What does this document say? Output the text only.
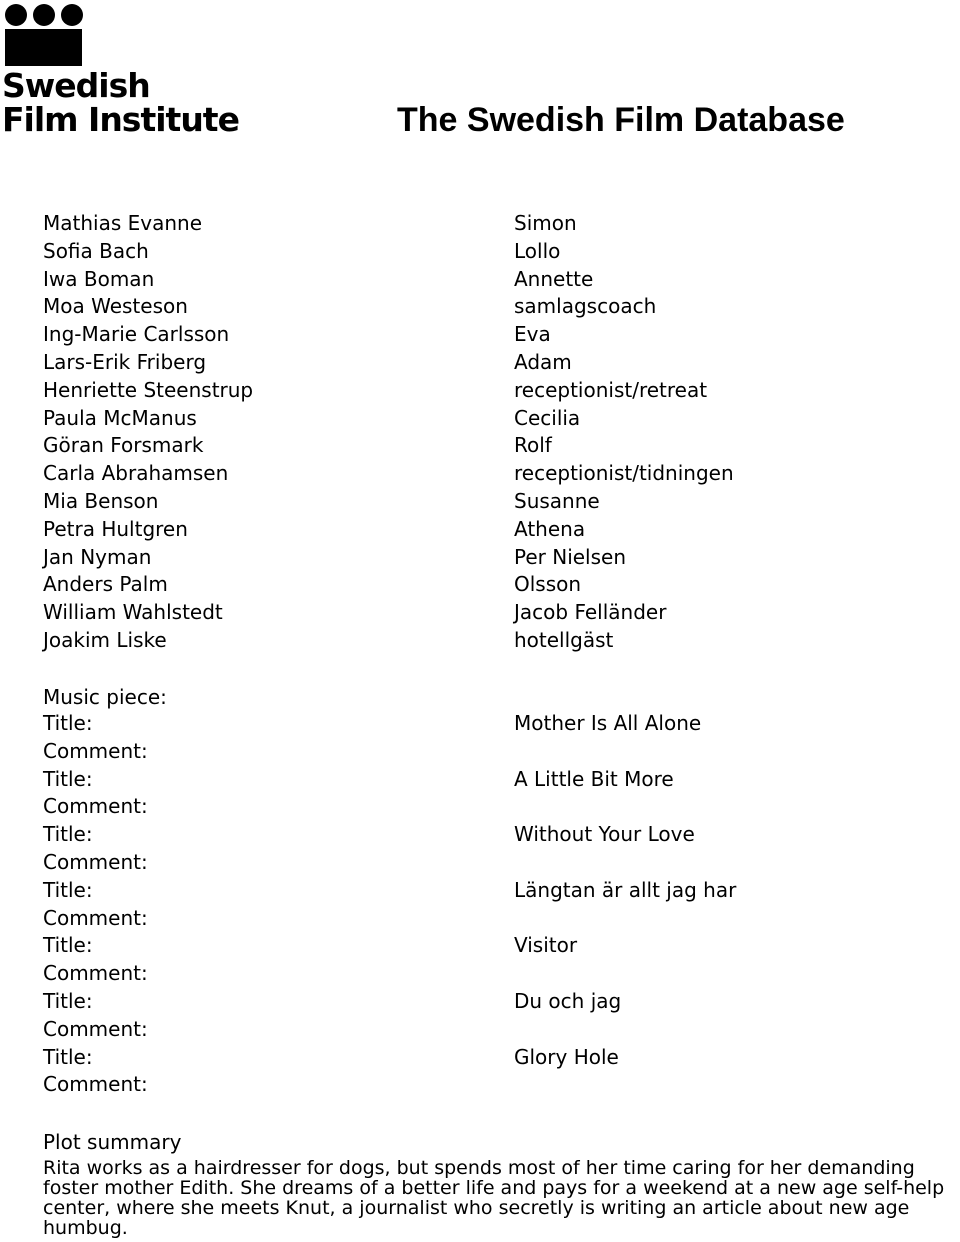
Swedish
Film Institute	The Swedish Film Database
Mathias Evanne
Sofia Bach
Iwa Boman
Moa Westeson
Ing-Marie Carlsson
Lars-Erik Friberg
Henriette Steenstrup
Paula McManus
Göran Forsmark
Carla Abrahamsen
Mia Benson
Petra Hultgren
Jan Nyman
Anders Palm
William Wahlstedt
Joakim Liske
Simon
Lollo
Annette
samlagscoach
Eva
Adam
receptionist/retreat
Cecilia
Rolf
receptionist/tidningen
Susanne
Athena
Per Nielsen
Olsson
Jacob Felländer
hotellgäst
Music piece:
Title:
Comment:
Title:
Comment:
Title:
Comment:
Title:
Comment:
Title:
Comment:
Title:
Comment:
Title:
Comment:
Mother Is All Alone
A Little Bit More
Without Your Love
Längtan är allt jag har
Visitor
Du och jag
Glory Hole
Plot summary
Rita works as a hairdresser for dogs, but spends most of her time caring for her demanding foster mother Edith. She dreams of a better life and pays for a weekend at a new age self-help center, where she meets Knut, a journalist who secretly is writing an article about new age humbug.
